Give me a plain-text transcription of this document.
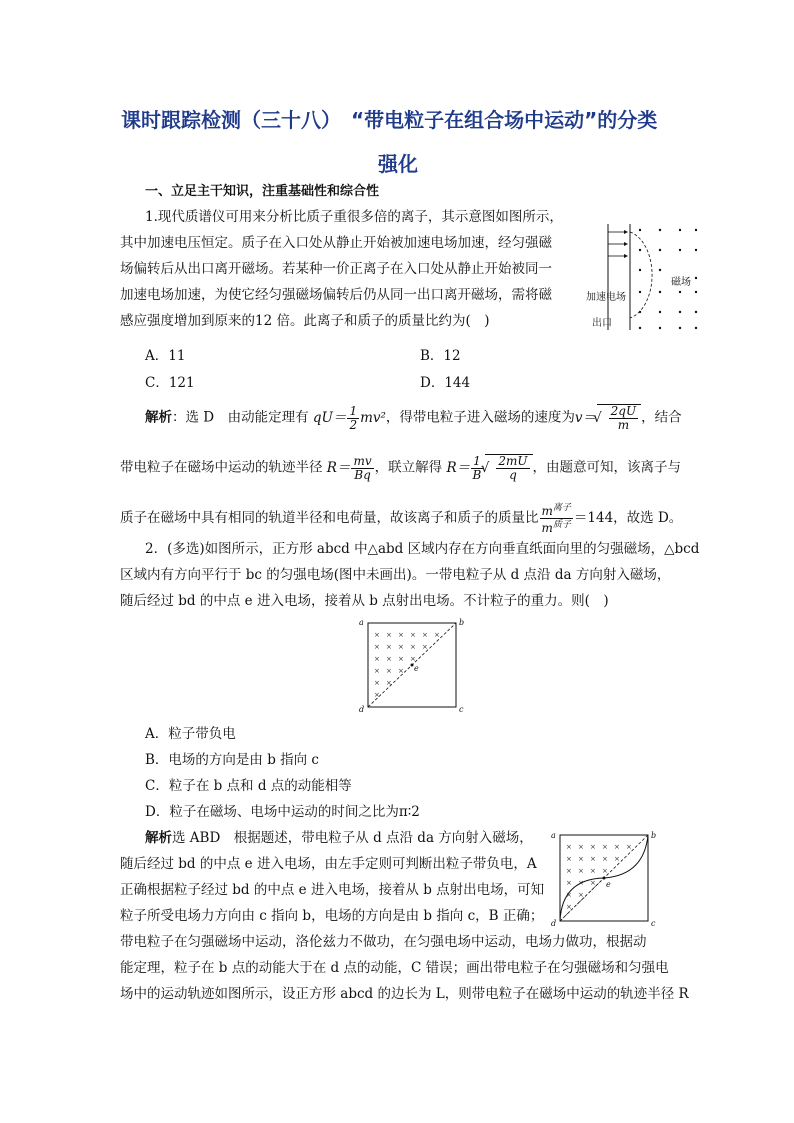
课时跟踪检测（三十八）　“带电粒子在组合场中运动”的分类
强化
一、立足主干知识，注重基础性和综合性
1.现代质谱仪可用来分析比质子重很多倍的离子，其示意图如图所示，
其中加速电压恒定。质子在入口处从静止开始被加速电场加速，经匀强磁
场偏转后从出口离开磁场。若某种一价正离子在入口处从静止开始被同一
加速电场加速，为使它经匀强磁场偏转后仍从同一出口离开磁场，需将磁
感应强度增加到原来的12 倍。此离子和质子的质量比约为(　)
A．11	B．12
C．121	D．144
加速电场
出口
磁场
解析：选 D　由动能定理有 $qU= \frac{1}{2} mv^2$，得带电粒子进入磁场的速度为v＝ √ $\frac{2qU}{m}$ ，结合
带电粒子在磁场中运动的轨迹半径 $R= \frac{mv}{Bq}$ ，联立解得 $R= \frac{1}{B}$ √ $\frac{2mU}{q}$ ，由题意可知，该离子与
质子在磁场中具有相同的轨道半径和电荷量，故该离子和质子的质量比 $\frac{m^{离子}}{m^{质子}} =144$，故选 D。
2．(多选)如图所示，正方形 abcd 中△abd 区域内存在方向垂直纸面向里的匀强磁场，△bcd
区域内有方向平行于 bc 的匀强电场(图中未画出)。一带电粒子从 d 点沿 da 方向射入磁场，
随后经过 bd 的中点 e 进入电场，接着从 b 点射出电场。不计粒子的重力。则(　)
× × × × × ×
× × × × ×
× × × ×
× × ×
× ×
×
a	b
c
d
e
A．粒子带负电
B．电场的方向是由 b 指向 c
C．粒子在 b 点和 d 点的动能相等
D．粒子在磁场、电场中运动的时间之比为π∶2
解析选 ABD　根据题述，带电粒子从 d 点沿 da 方向射入磁场，
随后经过 bd 的中点 e 进入电场，由左手定则可判断出粒子带负电，A
正确根据粒子经过 bd 的中点 e 进入电场，接着从 b 点射出电场，可知
粒子所受电场力方向由 c 指向 b，电场的方向是由 b 指向 c，B 正确；
带电粒子在匀强磁场中运动，洛伦兹力不做功，在匀强电场中运动，电场力做功，根据动
能定理，粒子在 b 点的动能大于在 d 点的动能，C 错误；画出带电粒子在匀强磁场和匀强电
场中的运动轨迹如图所示，设正方形 abcd 的边长为 L，则带电粒子在磁场中运动的轨迹半径 R
× × × × × ×
× × × × ×
× × × ×
× × ×
× ×
×
a	b
c
d
e
